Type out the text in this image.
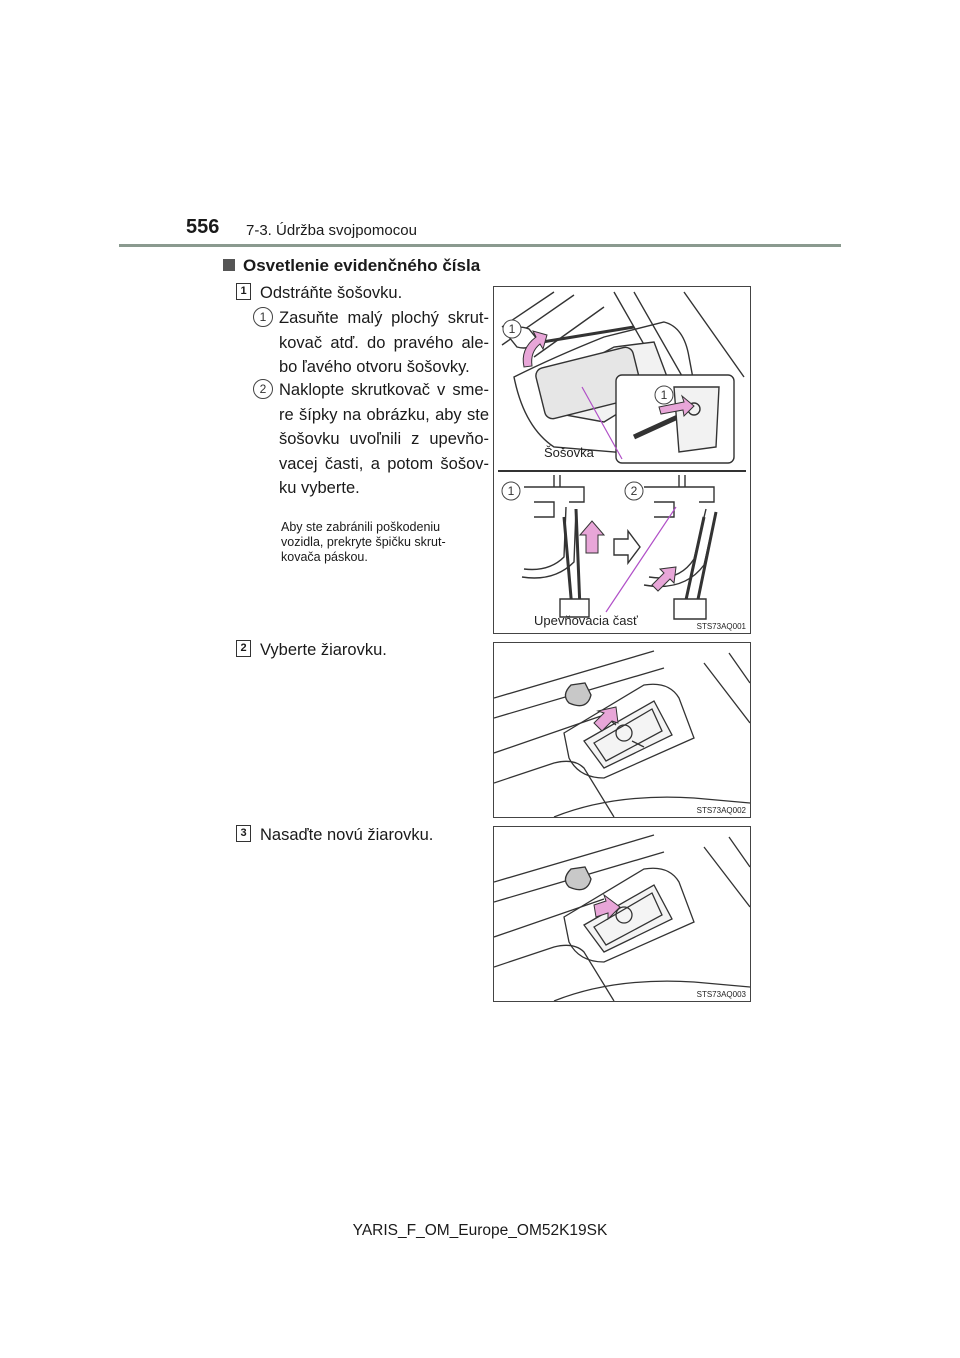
556 7-3. Údržba svojpomocou
Osvetlenie evidenčného čísla
1 Odstráňte šošovku.
1 Zasuňte malý plochý skrut-kovač atď. do pravého ale-bo ľavého otvoru šošovky.
2 Naklopte skrutkovač v sme-re šípky na obrázku, aby ste šošovku uvoľnili z upevňo-vacej časti, a potom šošov-ku vyberte.
Aby ste zabránili poškodeniu vozidla, prekryte špičku skrut-kovača páskou.
1
1
1	2
Šošovka
Upevňovacia časť	STS73AQ001
2 Vyberte žiarovku.
STS73AQ002
3 Nasaďte novú žiarovku.
STS73AQ003
YARIS_F_OM_Europe_OM52K19SK
